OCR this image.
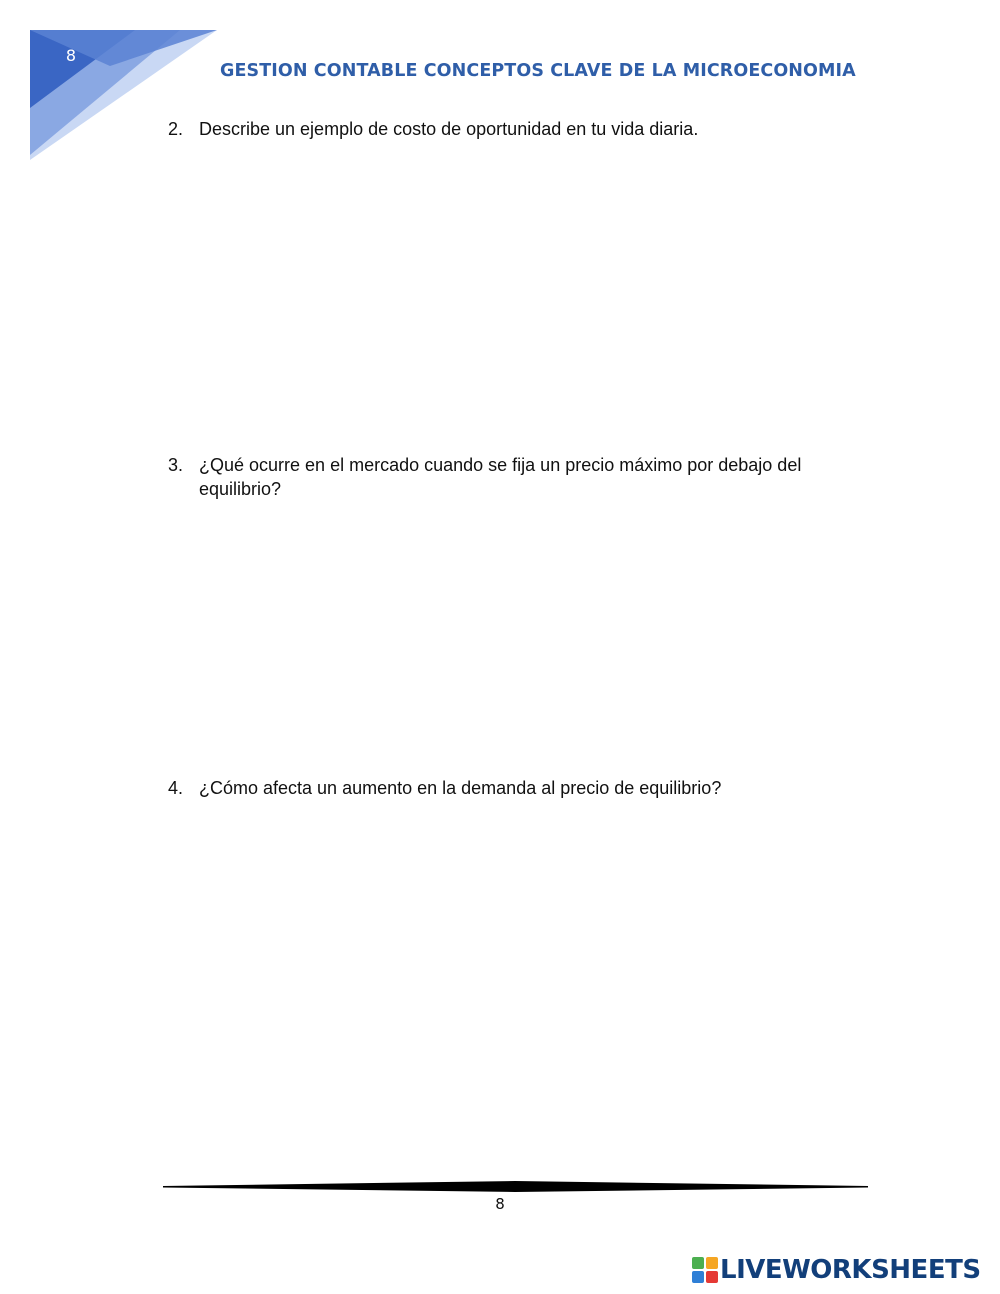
8
GESTION CONTABLE CONCEPTOS CLAVE DE LA MICROECONOMIA
2. Describe un ejemplo de costo de oportunidad en tu vida diaria.
3. ¿Qué ocurre en el mercado cuando se fija un precio máximo por debajo del equilibrio?
4. ¿Cómo afecta un aumento en la demanda al precio de equilibrio?
8
LIVEWORKSHEETS
